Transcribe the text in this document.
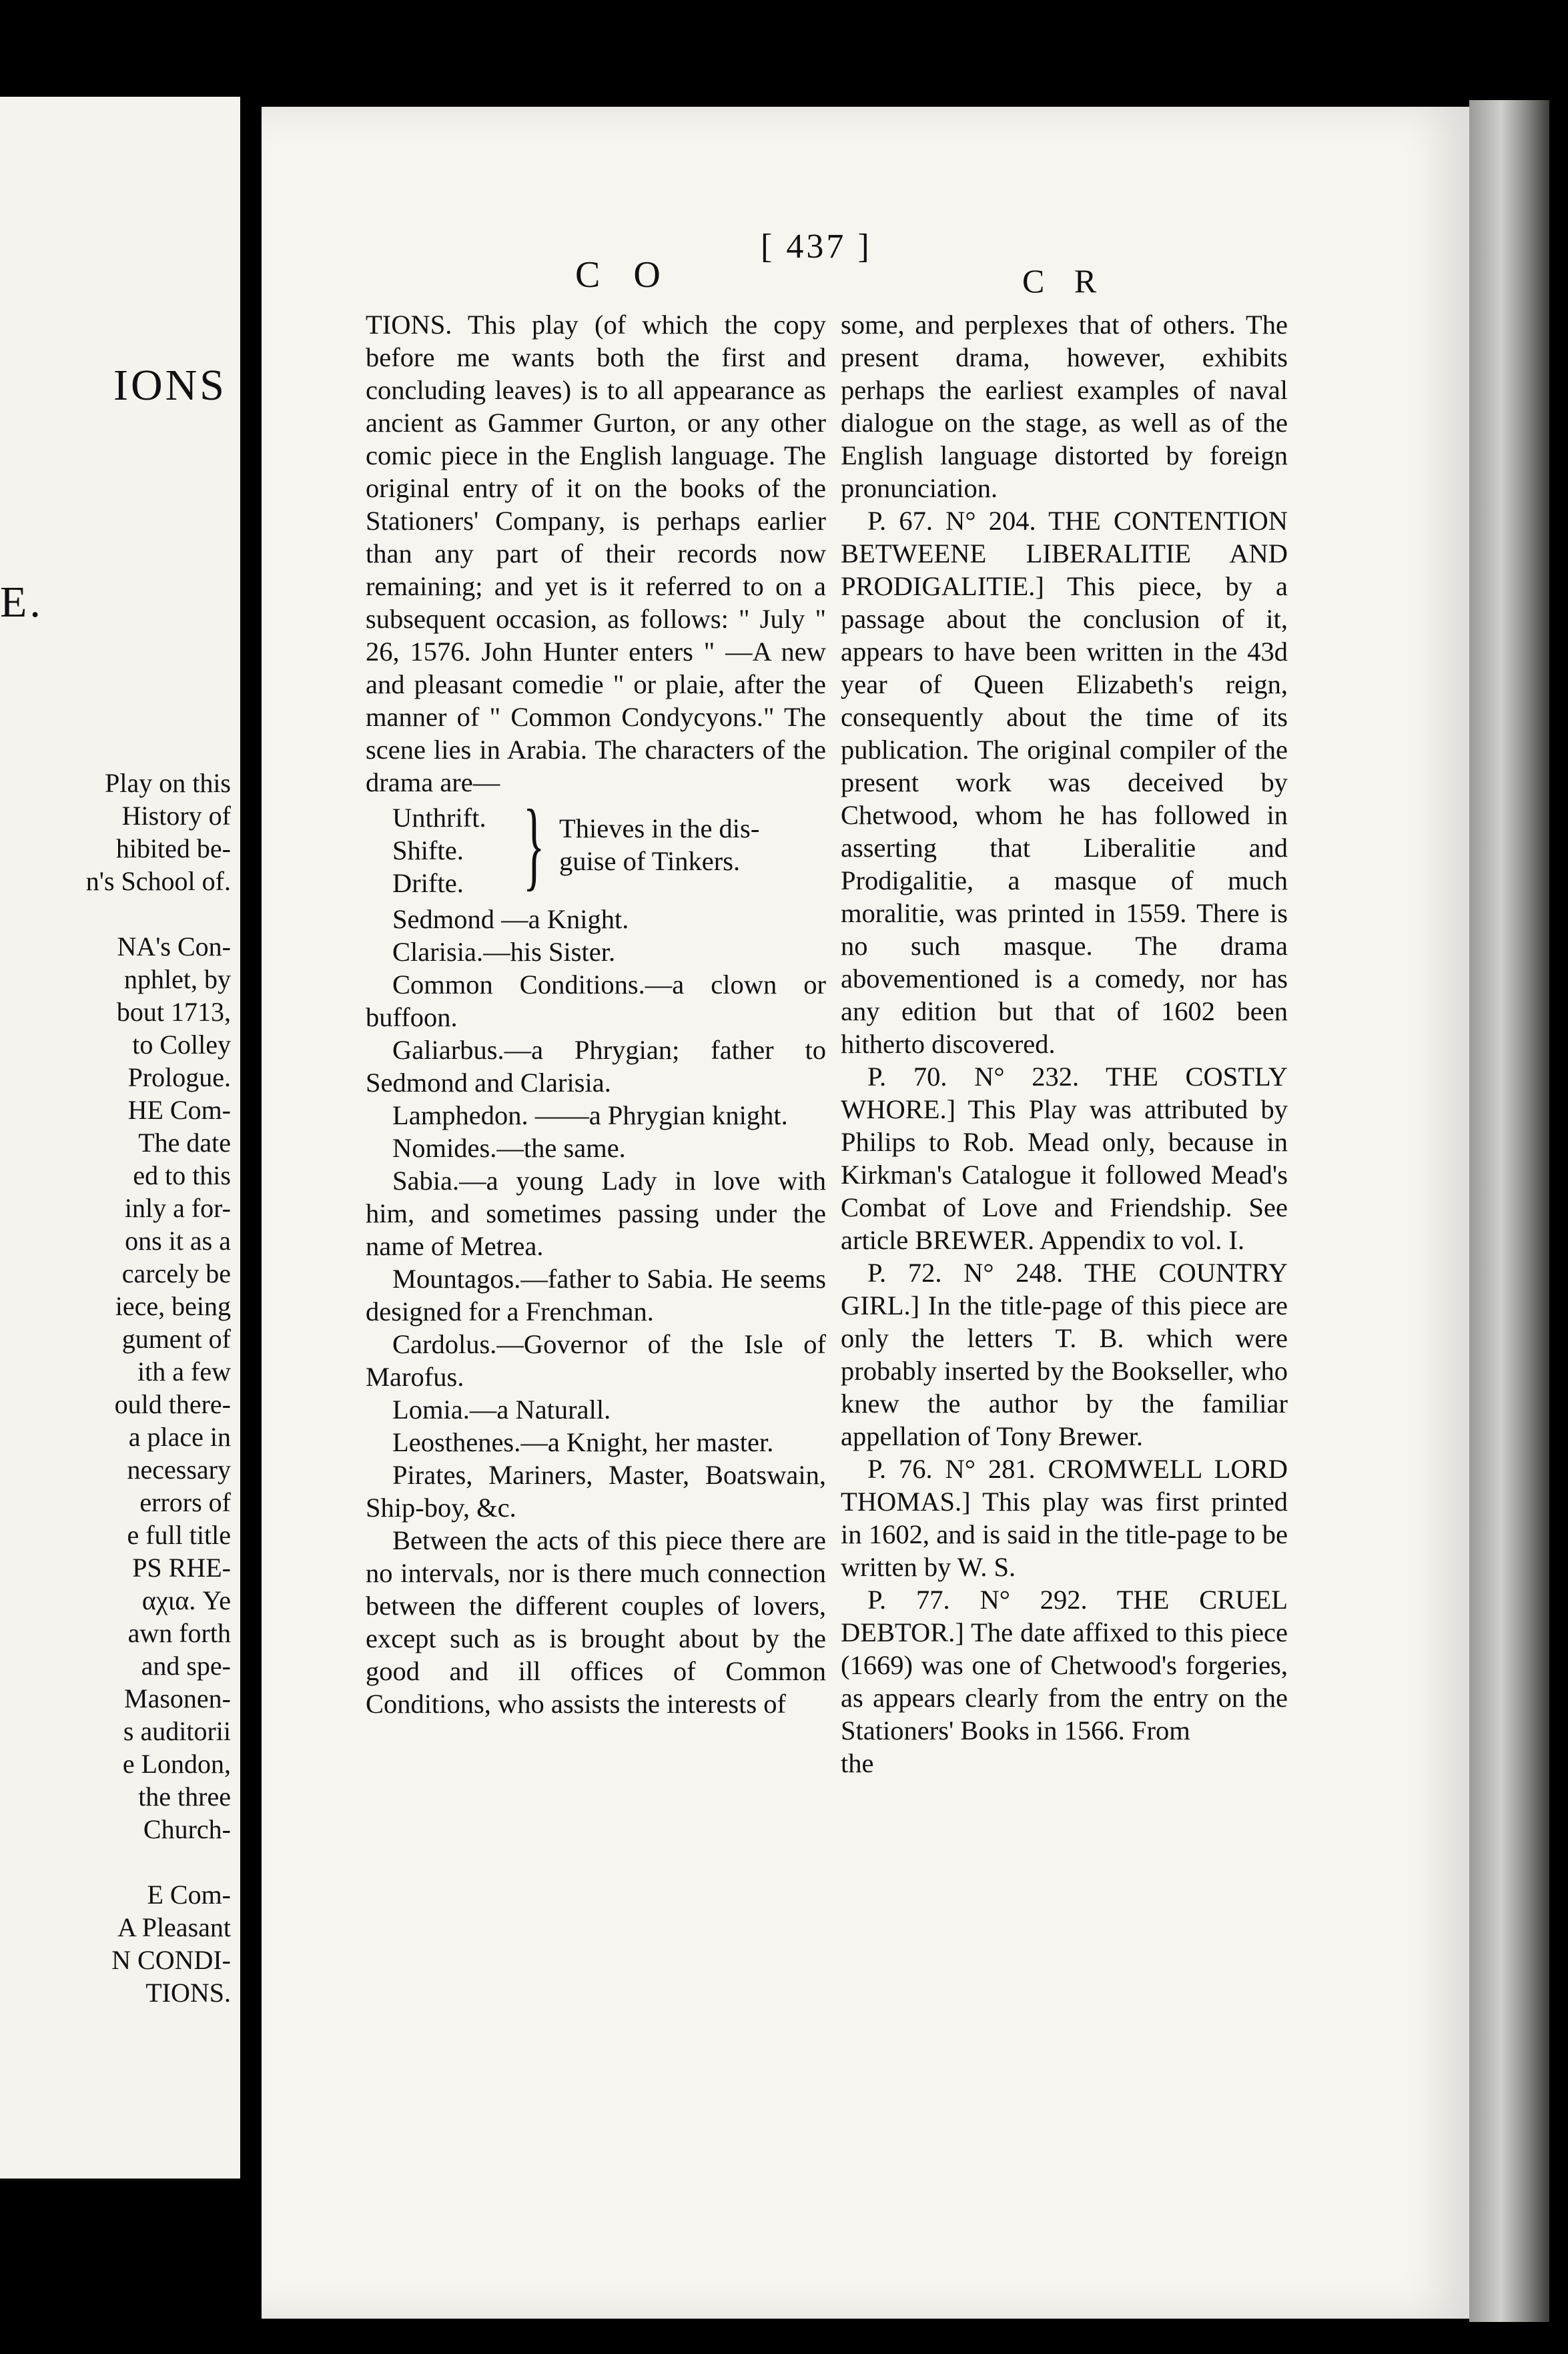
IONS
E.
Play on this
History of
hibited be-
n's School of.
NA's Con-
nphlet, by
bout 1713,
to Colley
Prologue.
HE Com-
The date
ed to this
inly a for-
ons it as a
carcely be
iece, being
gument of
ith a few
ould there-
a place in
necessary
errors of
e full title
PS RHE-
αχια. Ye
awn forth
and spe-
Masonen-
s auditorii
e London,
the three
Church-
E Com-
A Pleasant
N CONDI-
TIONS.
[ 437 ]
C O	C R

TIONS. This play (of which the copy before me wants both the first and concluding leaves) is to all appearance as ancient as Gammer Gurton, or any other comic piece in the English language. The original entry of it on the books of the Stationers' Company, is perhaps earlier than any part of their records now remaining; and yet is it referred to on a subsequent occasion, as follows: " July " 26, 1576. John Hunter enters " —A new and pleasant comedie " or plaie, after the manner of " Common Condycyons." The scene lies in Arabia. The characters of the drama are—

Unthrift.
Shifte.
Drifte. } Thieves in the dis-
guise of Tinkers.

Sedmond —a Knight.

Clarisia.—his Sister.

Common Conditions.—a clown or buffoon.

Galiarbus.—a Phrygian; father to Sedmond and Clarisia.

Lamphedon. ——a Phrygian knight.

Nomides.—the same.

Sabia.—a young Lady in love with him, and sometimes passing under the name of Metrea.

Mountagos.—father to Sabia. He seems designed for a Frenchman.

Cardolus.—Governor of the Isle of Marofus.

Lomia.—a Naturall.

Leosthenes.—a Knight, her master.

Pirates, Mariners, Master, Boatswain, Ship-boy, &c.

Between the acts of this piece there are no intervals, nor is there much connection between the different couples of lovers, except such as is brought about by the good and ill offices of Common Conditions, who assists the interests of

some, and perplexes that of others. The present drama, however, exhibits perhaps the earliest examples of naval dialogue on the stage, as well as of the English language distorted by foreign pronunciation.

P. 67. N° 204. THE CONTENTION BETWEENE LIBERALITIE AND PRODIGALITIE.] This piece, by a passage about the conclusion of it, appears to have been written in the 43d year of Queen Elizabeth's reign, consequently about the time of its publication. The original compiler of the present work was deceived by Chetwood, whom he has followed in asserting that Liberalitie and Prodigalitie, a masque of much moralitie, was printed in 1559. There is no such masque. The drama abovementioned is a comedy, nor has any edition but that of 1602 been hitherto discovered.

P. 70. N° 232. THE COSTLY WHORE.] This Play was attributed by Philips to Rob. Mead only, because in Kirkman's Catalogue it followed Mead's Combat of Love and Friendship. See article BREWER. Appendix to vol. I.

P. 72. N° 248. THE COUNTRY GIRL.] In the title-page of this piece are only the letters T. B. which were probably inserted by the Bookseller, who knew the author by the familiar appellation of Tony Brewer.

P. 76. N° 281. CROMWELL LORD THOMAS.] This play was first printed in 1602, and is said in the title-page to be written by W. S.

P. 77. N° 292. THE CRUEL DEBTOR.] The date affixed to this piece (1669) was one of Chetwood's forgeries, as appears clearly from the entry on the Stationers' Books in 1566. From

the
